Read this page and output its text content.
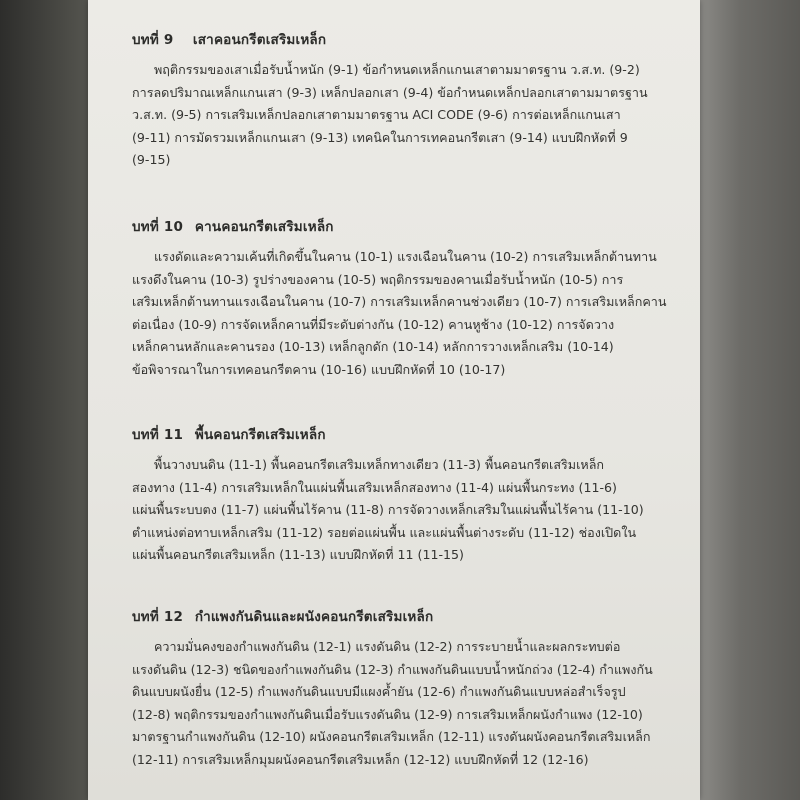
บทที่ 9 เสาคอนกรีตเสริมเหล็ก
พฤติกรรมของเสาเมื่อรับน้ำหนัก (9-1) ข้อกำหนดเหล็กแกนเสาตามมาตรฐาน ว.ส.ท. (9-2)
การลดปริมาณเหล็กแกนเสา (9-3) เหล็กปลอกเสา (9-4) ข้อกำหนดเหล็กปลอกเสาตามมาตรฐาน
ว.ส.ท. (9-5) การเสริมเหล็กปลอกเสาตามมาตรฐาน ACI CODE (9-6) การต่อเหล็กแกนเสา
(9-11) การมัดรวมเหล็กแกนเสา (9-13) เทคนิคในการเทคอนกรีตเสา (9-14) แบบฝึกหัดที่ 9
(9-15)
บทที่ 10 คานคอนกรีตเสริมเหล็ก
แรงดัดและความเค้นที่เกิดขึ้นในคาน (10-1) แรงเฉือนในคาน (10-2) การเสริมเหล็กต้านทาน
แรงดึงในคาน (10-3) รูปร่างของคาน (10-5) พฤติกรรมของคานเมื่อรับน้ำหนัก (10-5) การ
เสริมเหล็กต้านทานแรงเฉือนในคาน (10-7) การเสริมเหล็กคานช่วงเดียว (10-7) การเสริมเหล็กคาน
ต่อเนื่อง (10-9) การจัดเหล็กคานที่มีระดับต่างกัน (10-12) คานหูช้าง (10-12) การจัดวาง
เหล็กคานหลักและคานรอง (10-13) เหล็กลูกดัก (10-14) หลักการวางเหล็กเสริม (10-14)
ข้อพิจารณาในการเทคอนกรีตคาน (10-16) แบบฝึกหัดที่ 10 (10-17)
บทที่ 11 พื้นคอนกรีตเสริมเหล็ก
พื้นวางบนดิน (11-1) พื้นคอนกรีตเสริมเหล็กทางเดียว (11-3) พื้นคอนกรีตเสริมเหล็ก
สองทาง (11-4) การเสริมเหล็กในแผ่นพื้นเสริมเหล็กสองทาง (11-4) แผ่นพื้นกระทง (11-6)
แผ่นพื้นระบบตง (11-7) แผ่นพื้นไร้คาน (11-8) การจัดวางเหล็กเสริมในแผ่นพื้นไร้คาน (11-10)
ตำแหน่งต่อทาบเหล็กเสริม (11-12) รอยต่อแผ่นพื้น และแผ่นพื้นต่างระดับ (11-12) ช่องเปิดใน
แผ่นพื้นคอนกรีตเสริมเหล็ก (11-13) แบบฝึกหัดที่ 11 (11-15)
บทที่ 12 กำแพงกันดินและผนังคอนกรีตเสริมเหล็ก
ความมั่นคงของกำแพงกันดิน (12-1) แรงดันดิน (12-2) การระบายน้ำและผลกระทบต่อ
แรงดันดิน (12-3) ชนิดของกำแพงกันดิน (12-3) กำแพงกันดินแบบน้ำหนักถ่วง (12-4) กำแพงกัน
ดินแบบผนังยื่น (12-5) กำแพงกันดินแบบมีแผงค้ำยัน (12-6) กำแพงกันดินแบบหล่อสำเร็จรูป
(12-8) พฤติกรรมของกำแพงกันดินเมื่อรับแรงดันดิน (12-9) การเสริมเหล็กผนังกำแพง (12-10)
มาตรฐานกำแพงกันดิน (12-10) ผนังคอนกรีตเสริมเหล็ก (12-11) แรงดันผนังคอนกรีตเสริมเหล็ก
(12-11) การเสริมเหล็กมุมผนังคอนกรีตเสริมเหล็ก (12-12) แบบฝึกหัดที่ 12 (12-16)
